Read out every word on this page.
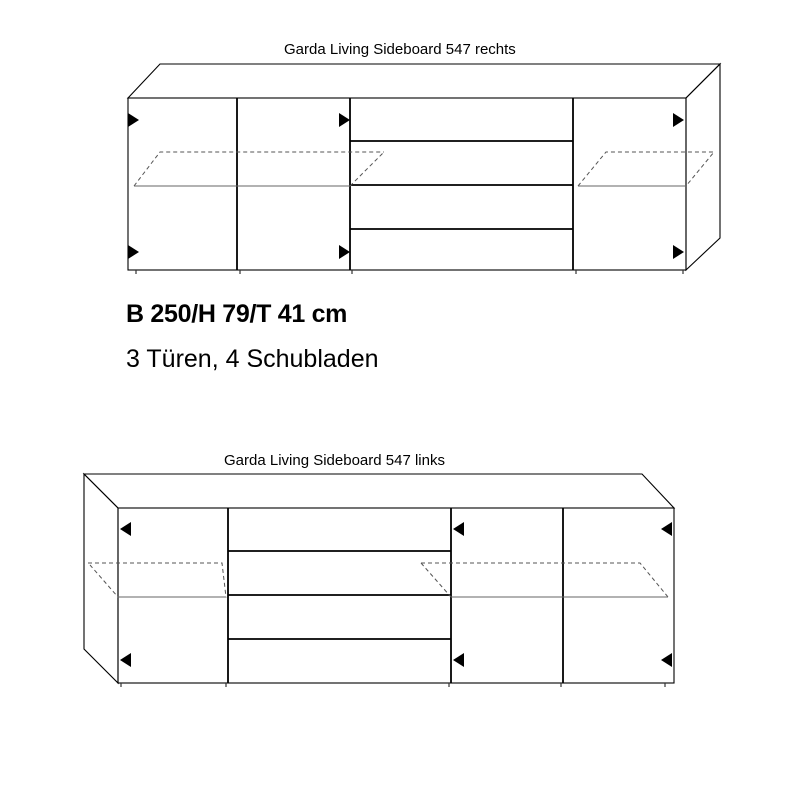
Garda Living Sideboard 547 rechts
B 250/H 79/T 41 cm
3 Türen, 4 Schubladen
Garda Living Sideboard 547 links
